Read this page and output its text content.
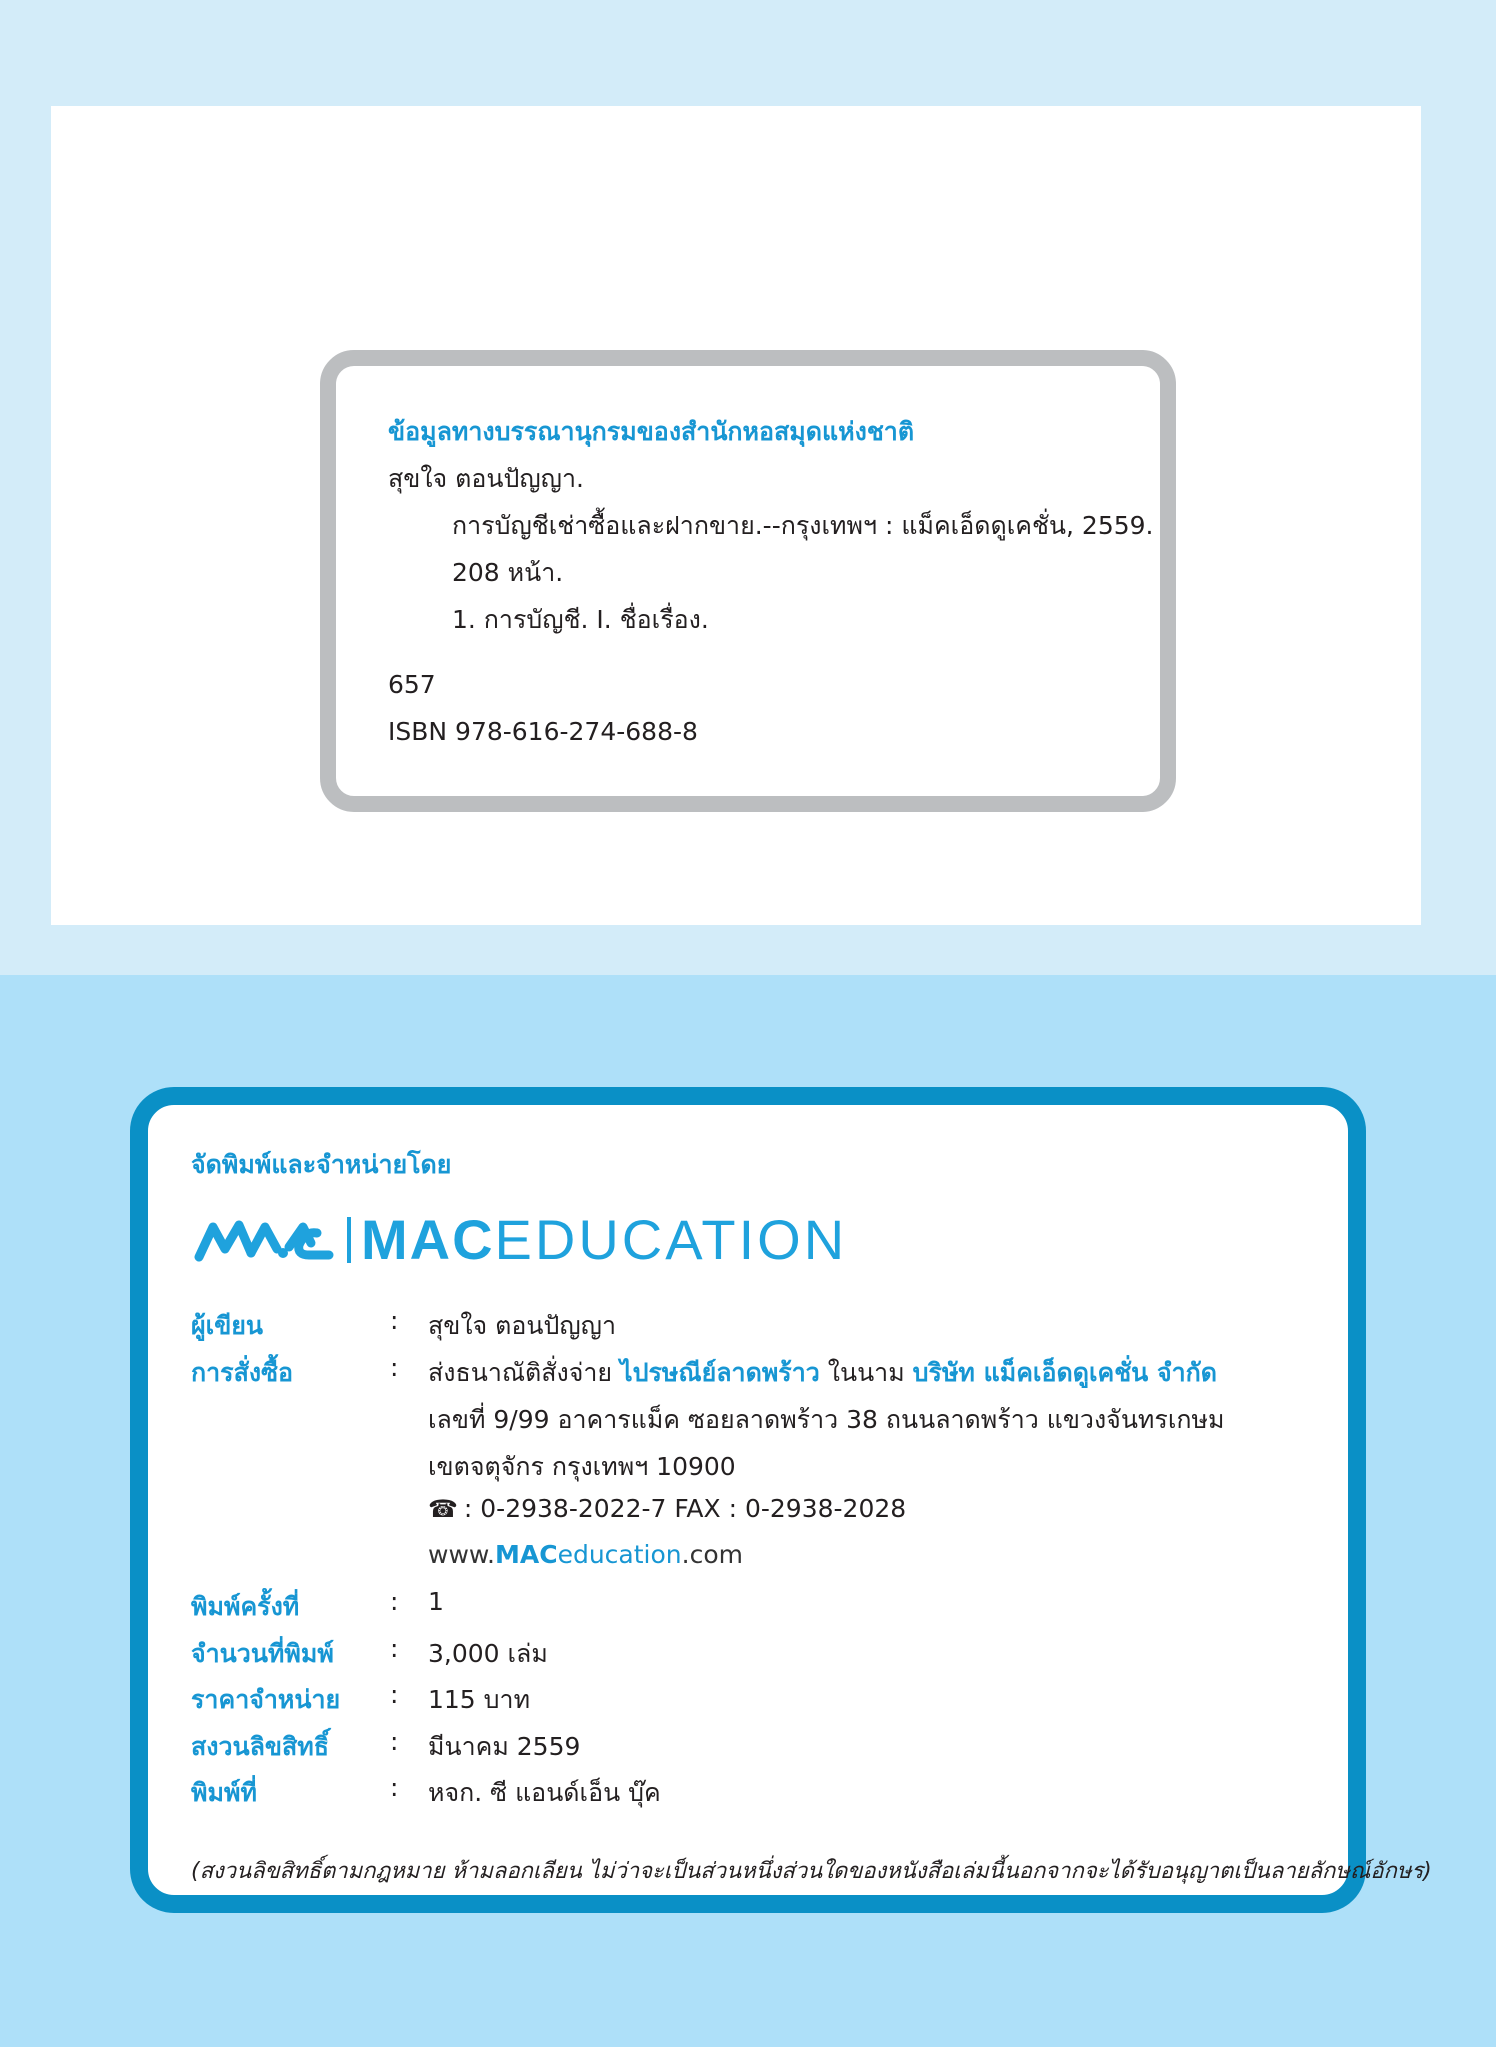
ข้อมูลทางบรรณานุกรมของสำนักหอสมุดแห่งชาติ
สุขใจ ตอนปัญญา.
การบัญชีเช่าซื้อและฝากขาย.--กรุงเทพฯ : แม็คเอ็ดดูเคชั่น, 2559.
208 หน้า.
1. การบัญชี. I. ชื่อเรื่อง.
657
ISBN 978-616-274-688-8
จัดพิมพ์และจำหน่ายโดย
MACEDUCATION
ผู้เขียน	: สุขใจ ตอนปัญญา
การสั่งซื้อ	: ส่งธนาณัติสั่งจ่าย ไปรษณีย์ลาดพร้าว ในนาม บริษัท แม็คเอ็ดดูเคชั่น จำกัด
เลขที่ 9/99 อาคารแม็ค ซอยลาดพร้าว 38 ถนนลาดพร้าว แขวงจันทรเกษม
เขตจตุจักร กรุงเทพฯ 10900
☎ : 0-2938-2022-7 FAX : 0-2938-2028
www.MACeducation.com
พิมพ์ครั้งที่	: 1
จำนวนที่พิมพ์ : 3,000 เล่ม
ราคาจำหน่าย : 115 บาท
สงวนลิขสิทธิ์ : มีนาคม 2559
พิมพ์ที่	: หจก. ซี แอนด์เอ็น บุ๊ค
(สงวนลิขสิทธิ์ตามกฎหมาย ห้ามลอกเลียน ไม่ว่าจะเป็นส่วนหนึ่งส่วนใดของหนังสือเล่มนี้นอกจากจะได้รับอนุญาตเป็นลายลักษณ์อักษร)
